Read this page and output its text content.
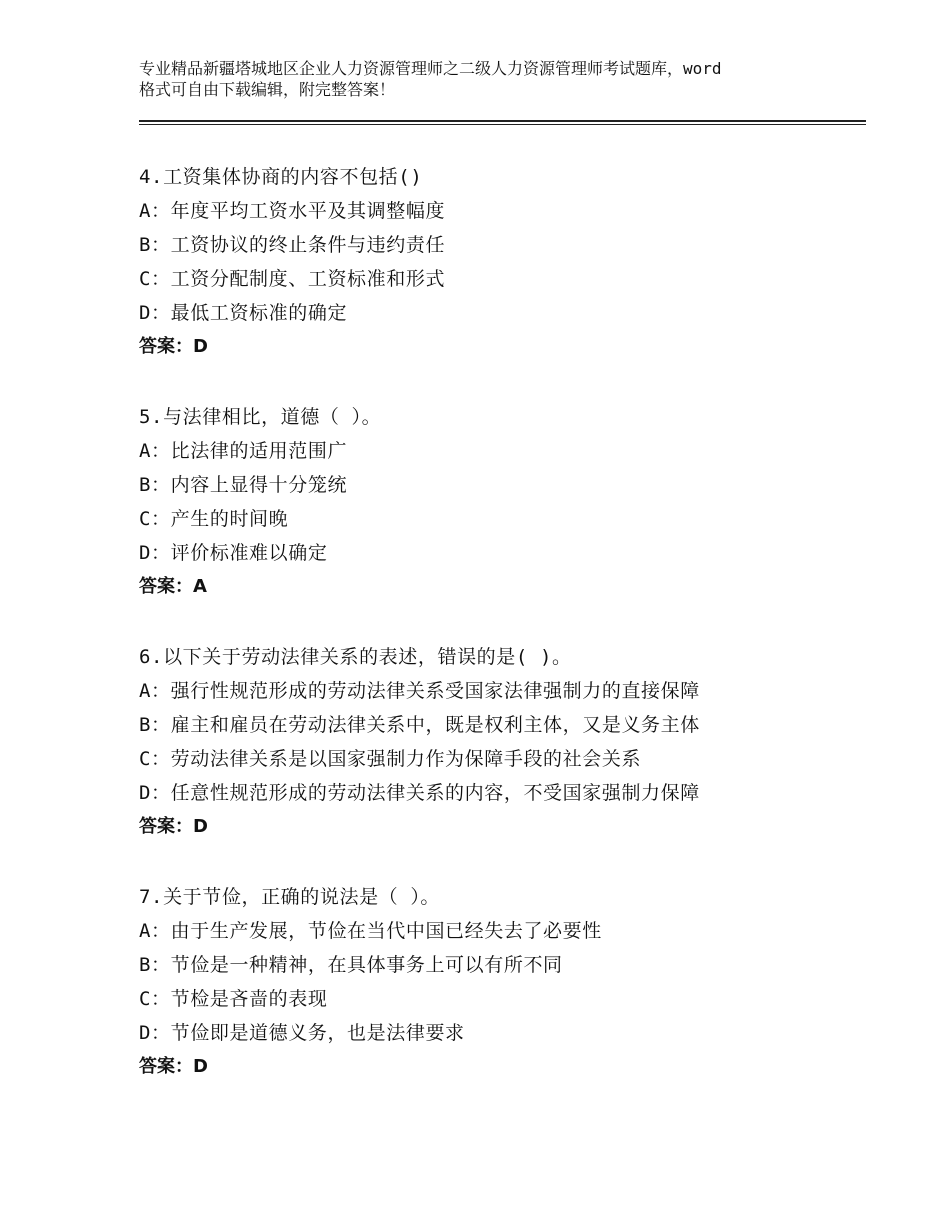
专业精品新疆塔城地区企业人力资源管理师之二级人力资源管理师考试题库，word
格式可自由下载编辑，附完整答案！
4.工资集体协商的内容不包括()
A：年度平均工资水平及其调整幅度
B：工资协议的终止条件与违约责任
C：工资分配制度、工资标准和形式
D：最低工资标准的确定
答案：D
5.与法律相比，道德（ ）。
A：比法律的适用范围广
B：内容上显得十分笼统
C：产生的时间晚
D：评价标准难以确定
答案：A
6.以下关于劳动法律关系的表述，错误的是( )。
A：强行性规范形成的劳动法律关系受国家法律强制力的直接保障
B：雇主和雇员在劳动法律关系中，既是权利主体，又是义务主体
C：劳动法律关系是以国家强制力作为保障手段的社会关系
D：任意性规范形成的劳动法律关系的内容，不受国家强制力保障
答案：D
7.关于节俭，正确的说法是（ ）。
A：由于生产发展，节俭在当代中国已经失去了必要性
B：节俭是一种精神，在具体事务上可以有所不同
C：节检是吝啬的表现
D：节俭即是道德义务，也是法律要求
答案：D
